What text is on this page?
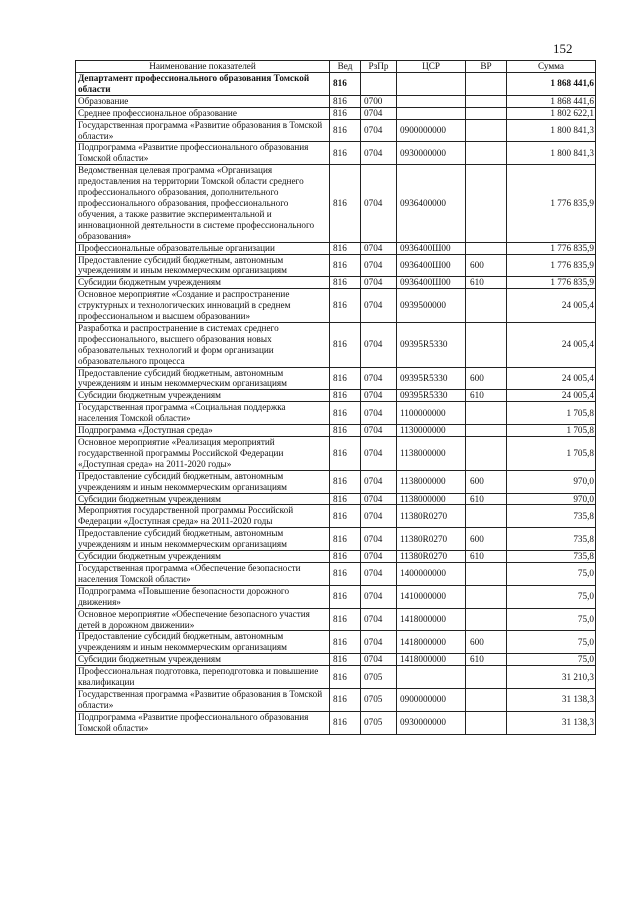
152
Наименование показателей	Вед	РзПр	ЦСР	ВР	Сумма
Департамент профессионального образования Томской области	816				1 868 441,6
Образование	816	0700			1 868 441,6
Среднее профессиональное образование	816	0704			1 802 622,1
Государственная программа «Развитие образования в Томской области»	816	0704	0900000000		1 800 841,3
Подпрограмма «Развитие профессионального образования Томской области»	816	0704	0930000000		1 800 841,3
Ведомственная целевая программа «Организация предоставления на территории Томской области среднего профессионального образования, дополнительного профессионального образования, профессионального обучения, а также развитие экспериментальной и инновационной деятельности в системе профессионального образования»	816	0704	0936400000		1 776 835,9
Профессиональные образовательные организации	816	0704	0936400Ш00		1 776 835,9
Предоставление субсидий бюджетным, автономным учреждениям и иным некоммерческим организациям	816	0704	0936400Ш00	600	1 776 835,9
Субсидии бюджетным учреждениям	816	0704	0936400Ш00	610	1 776 835,9
Основное мероприятие «Создание и распространение структурных и технологических инноваций в среднем профессиональном и высшем образовании»	816	0704	0939500000		24 005,4
Разработка и распространение в системах среднего профессионального, высшего образования новых образовательных технологий и форм организации образовательного процесса	816	0704	09395R5330		24 005,4
Предоставление субсидий бюджетным, автономным учреждениям и иным некоммерческим организациям	816	0704	09395R5330	600	24 005,4
Субсидии бюджетным учреждениям	816	0704	09395R5330	610	24 005,4
Государственная программа «Социальная поддержка населения Томской области»	816	0704	1100000000		1 705,8
Подпрограмма «Доступная среда»	816	0704	1130000000		1 705,8
Основное мероприятие «Реализация мероприятий государственной программы Российской Федерации «Доступная среда» на 2011-2020 годы»	816	0704	1138000000		1 705,8
Предоставление субсидий бюджетным, автономным учреждениям и иным некоммерческим организациям	816	0704	1138000000	600	970,0
Субсидии бюджетным учреждениям	816	0704	1138000000	610	970,0
Мероприятия государственной программы Российской Федерации «Доступная среда» на 2011-2020 годы	816	0704	11380R0270		735,8
Предоставление субсидий бюджетным, автономным учреждениям и иным некоммерческим организациям	816	0704	11380R0270	600	735,8
Субсидии бюджетным учреждениям	816	0704	11380R0270	610	735,8
Государственная программа «Обеспечение безопасности населения Томской области»	816	0704	1400000000		75,0
Подпрограмма «Повышение безопасности дорожного движения»	816	0704	1410000000		75,0
Основное мероприятие «Обеспечение безопасного участия детей в дорожном движении»	816	0704	1418000000		75,0
Предоставление субсидий бюджетным, автономным учреждениям и иным некоммерческим организациям	816	0704	1418000000	600	75,0
Субсидии бюджетным учреждениям	816	0704	1418000000	610	75,0
Профессиональная подготовка, переподготовка и повышение квалификации	816	0705			31 210,3
Государственная программа «Развитие образования в Томской области»	816	0705	0900000000		31 138,3
Подпрограмма «Развитие профессионального образования Томской области»	816	0705	0930000000		31 138,3
